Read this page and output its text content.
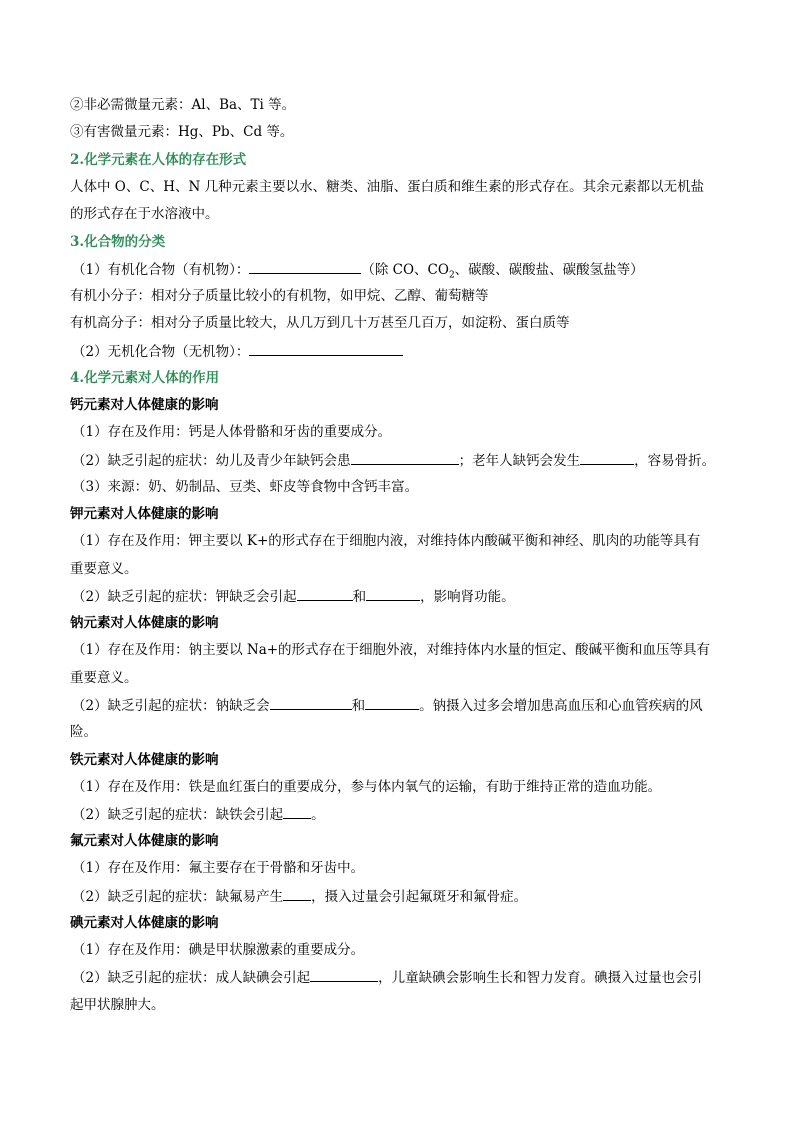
②非必需微量元素：Al、Ba、Ti 等。
③有害微量元素：Hg、Pb、Cd 等。
2.化学元素在人体的存在形式
人体中 O、C、H、N 几种元素主要以水、糖类、油脂、蛋白质和维生素的形式存在。其余元素都以无机盐
的形式存在于水溶液中。
3.化合物的分类
（1）有机化合物（有机物）：	（除 CO、$CO_2$、碳酸、碳酸盐、碳酸氢盐等）
有机小分子：相对分子质量比较小的有机物，如甲烷、乙醇、葡萄糖等
有机高分子：相对分子质量比较大，从几万到几十万甚至几百万，如淀粉、蛋白质等
（2）无机化合物（无机物）：
4.化学元素对人体的作用
钙元素对人体健康的影响
（1）存在及作用：钙是人体骨骼和牙齿的重要成分。
（2）缺乏引起的症状：幼儿及青少年缺钙会患	；老年人缺钙会发生	，容易骨折。
（3）来源：奶、奶制品、豆类、虾皮等食物中含钙丰富。
钾元素对人体健康的影响
（1）存在及作用：钾主要以 K+的形式存在于细胞内液，对维持体内酸碱平衡和神经、肌肉的功能等具有
重要意义。
（2）缺乏引起的症状：钾缺乏会引起	和	，影响肾功能。
钠元素对人体健康的影响
（1）存在及作用：钠主要以 Na+的形式存在于细胞外液，对维持体内水量的恒定、酸碱平衡和血压等具有
重要意义。
（2）缺乏引起的症状：钠缺乏会	和	。钠摄入过多会增加患高血压和心血管疾病的风
险。
铁元素对人体健康的影响
（1）存在及作用：铁是血红蛋白的重要成分，参与体内氧气的运输，有助于维持正常的造血功能。
（2）缺乏引起的症状：缺铁会引起 。
氟元素对人体健康的影响
（1）存在及作用：氟主要存在于骨骼和牙齿中。
（2）缺乏引起的症状：缺氟易产生 ，摄入过量会引起氟斑牙和氟骨症。
碘元素对人体健康的影响
（1）存在及作用：碘是甲状腺激素的重要成分。
（2）缺乏引起的症状：成人缺碘会引起	，儿童缺碘会影响生长和智力发育。碘摄入过量也会引
起甲状腺肿大。
